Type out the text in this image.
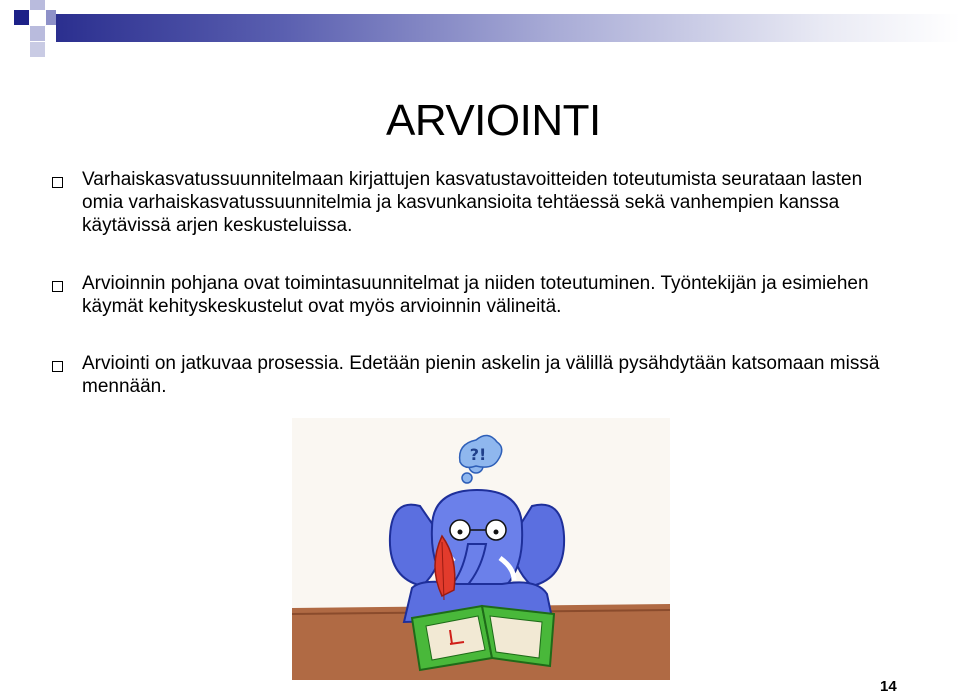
ARVIOINTI
Varhaiskasvatussuunnitelmaan kirjattujen kasvatustavoitteiden toteutumista seurataan lasten omia varhaiskasvatussuunnitelmia ja kasvunkansioita tehtäessä sekä vanhempien kanssa käytävissä arjen keskusteluissa.
Arvioinnin pohjana ovat toimintasuunnitelmat ja niiden toteutuminen. Työntekijän ja esimiehen käymät kehityskeskustelut ovat myös arvioinnin välineitä.
Arviointi on jatkuvaa prosessia. Edetään pienin askelin ja välillä pysähdytään katsomaan missä mennään.
?!
14
